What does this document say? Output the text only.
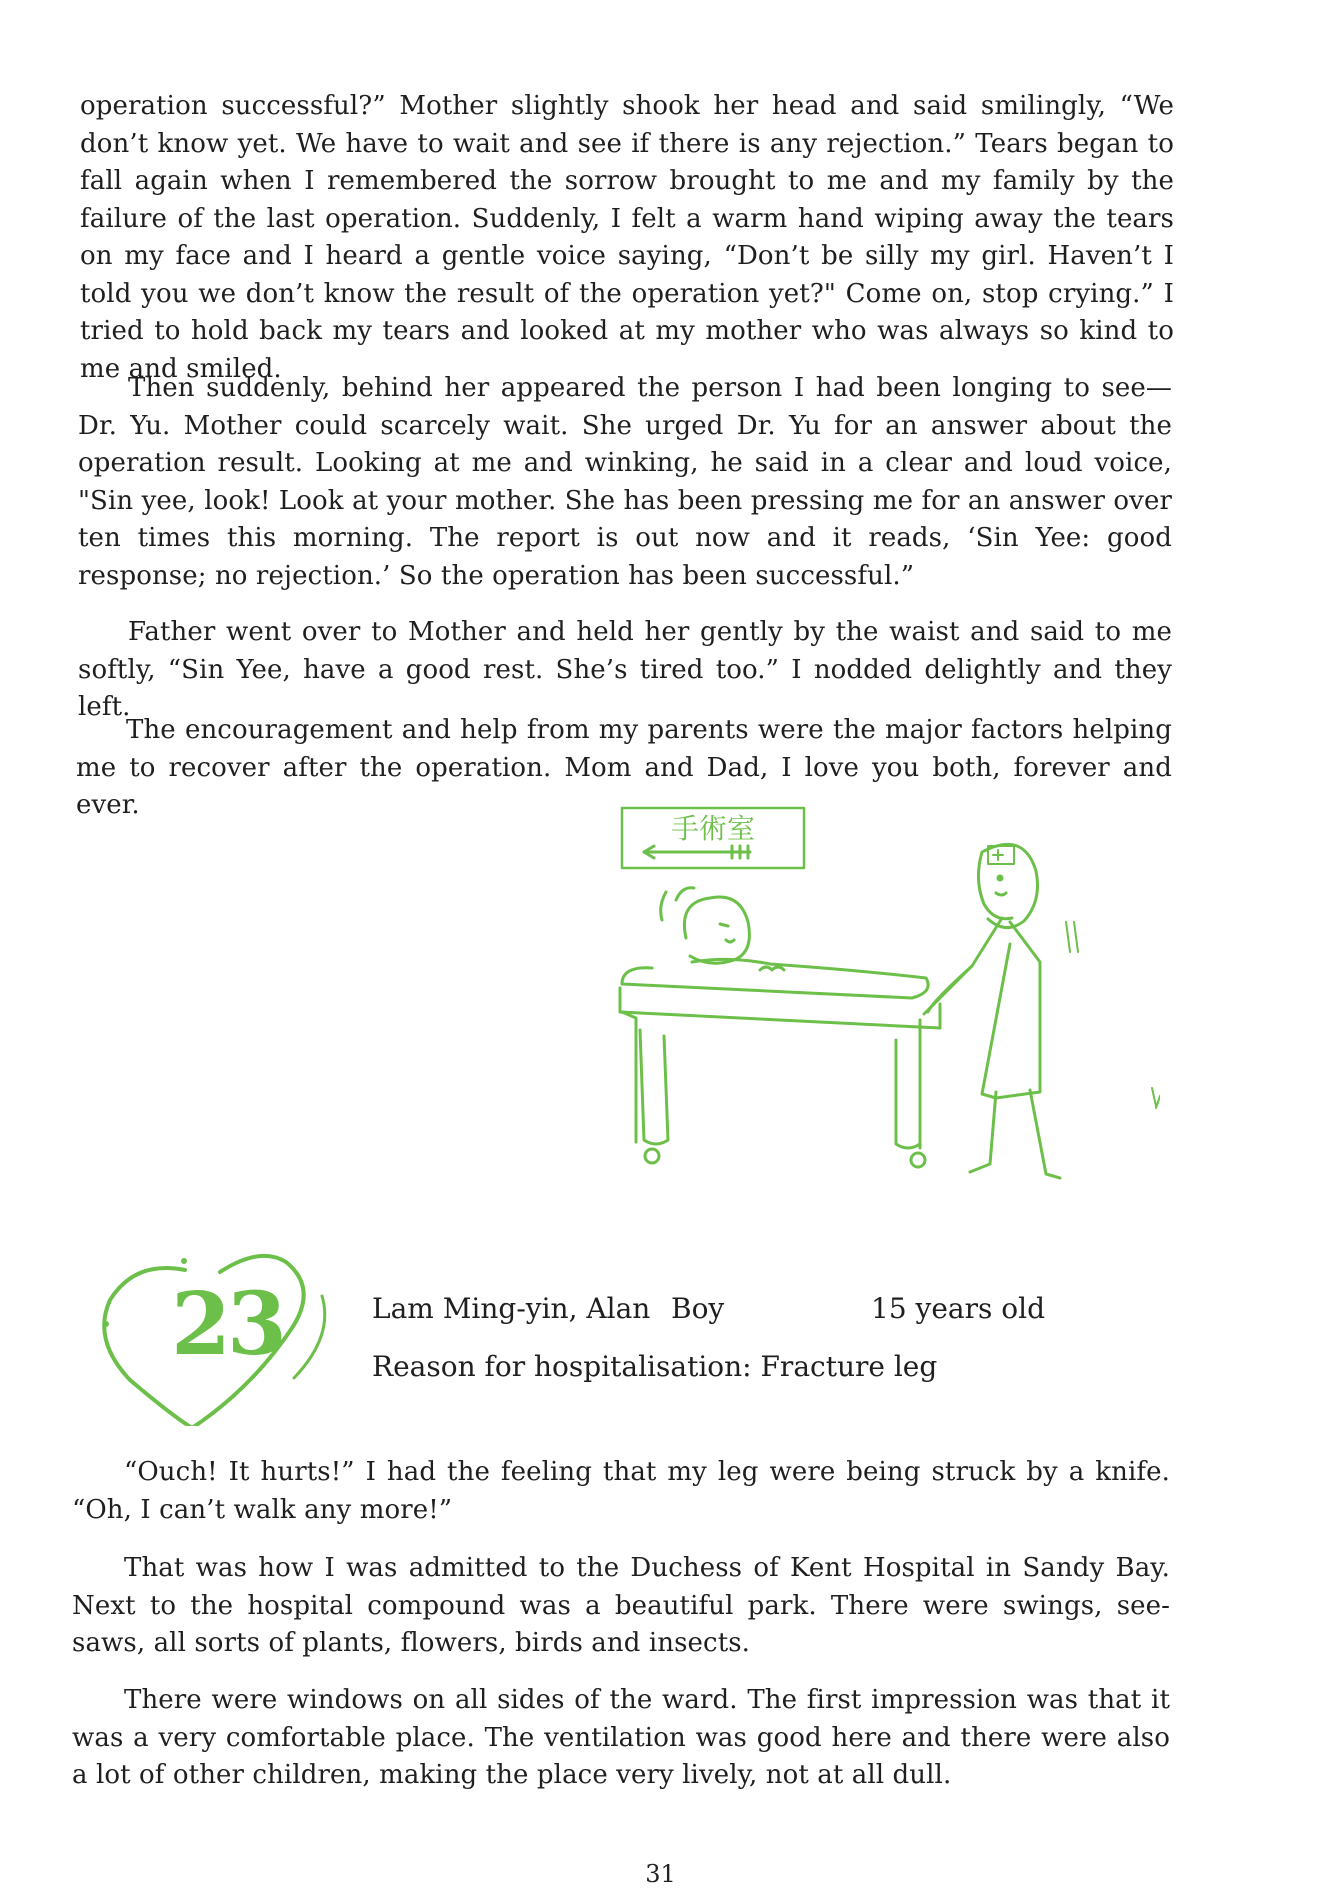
operation successful?” Mother slightly shook her head and said smilingly, “We don’t know yet. We have to wait and see if there is any rejection.” Tears began to fall again when I remembered the sorrow brought to me and my family by the failure of the last operation. Suddenly, I felt a warm hand wiping away the tears on my face and I heard a gentle voice saying, “Don’t be silly my girl. Haven’t I told you we don’t know the result of the operation yet?" Come on, stop crying.” I tried to hold back my tears and looked at my mother who was always so kind to me and smiled.

Then suddenly, behind her appeared the person I had been longing to see—Dr. Yu. Mother could scarcely wait. She urged Dr. Yu for an answer about the operation result. Looking at me and winking, he said in a clear and loud voice, "Sin yee, look! Look at your mother. She has been pressing me for an answer over ten times this morning. The report is out now and it reads, ‘Sin Yee: good response; no rejection.’ So the operation has been successful.”

Father went over to Mother and held her gently by the waist and said to me softly, “Sin Yee, have a good rest. She’s tired too.” I nodded delightly and they left.

The encouragement and help from my parents were the major factors helping me to recover after the operation. Mom and Dad, I love you both, forever and ever.

手術室
23	Lam Ming-yin, Alan Boy	15 years old
Reason for hospitalisation: Fracture leg

“Ouch! It hurts!” I had the feeling that my leg were being struck by a knife. “Oh, I can’t walk any more!”

That was how I was admitted to the Duchess of Kent Hospital in Sandy Bay. Next to the hospital compound was a beautiful park. There were swings, see-saws, all sorts of plants, flowers, birds and insects.

There were windows on all sides of the ward. The first impression was that it was a very comfortable place. The ventilation was good here and there were also a lot of other children, making the place very lively, not at all dull.

31
